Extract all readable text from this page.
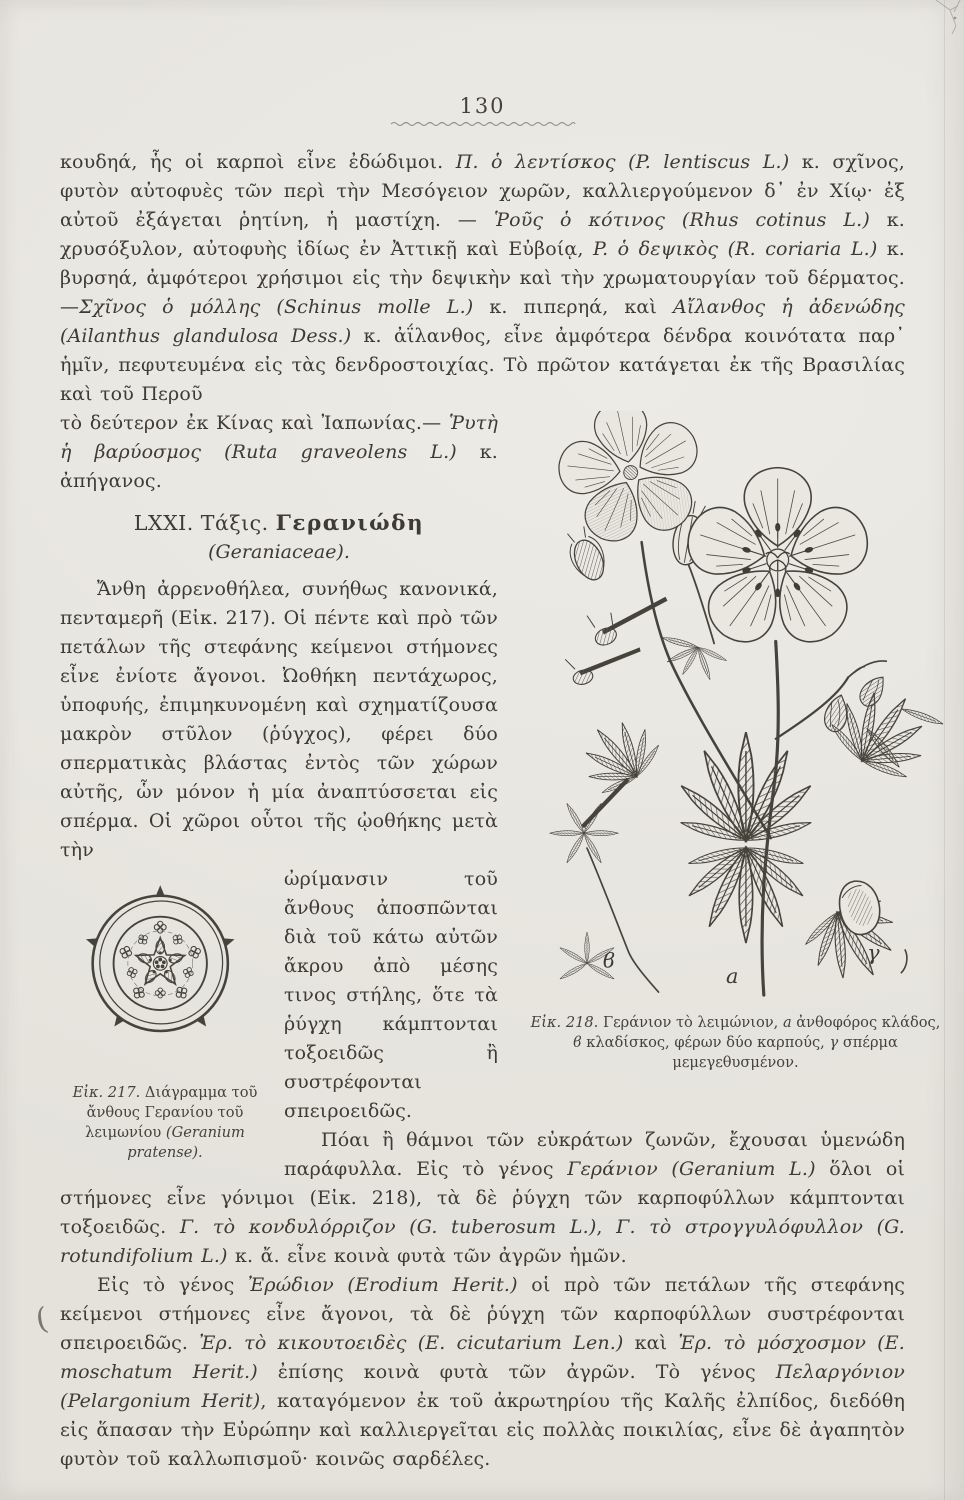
130

κουδηά, ἧς οἱ καρποὶ εἶνε ἐδώδιμοι. Π. ὁ λεντίσκος (P. lentiscus L.) κ. σχῖνος, φυτὸν αὐτοφυὲς τῶν περὶ τὴν Μεσόγειον χωρῶν, καλλιεργούμενον δ᾽ ἐν Χίῳ· ἐξ αὐτοῦ ἐξάγεται ῥητίνη, ἡ μαστίχη. — Ῥοῦς ὁ κότινος (Rhus cotinus L.) κ. χρυσόξυλον, αὐτοφυὴς ἰδίως ἐν Ἀττικῇ καὶ Εὐβοίᾳ, P. ὁ δεψικὸς (R. coriaria L.) κ. βυρσηά, ἀμφότεροι χρήσιμοι εἰς τὴν δεψικὴν καὶ τὴν χρωματουργίαν τοῦ δέρματος.—Σχῖνος ὁ μόλλης (Schinus molle L.) κ. πιπερηά, καὶ Αἴλανθος ἡ ἀδενώδης (Ailanthus glandulosa Dess.) κ. ἀΐλανθος, εἶνε ἀμφότερα δένδρα κοινότατα παρ᾽ ἡμῖν, πεφυτευμένα εἰς τὰς δενδροστοιχίας. Τὸ πρῶτον κατάγεται ἐκ τῆς Βρασιλίας καὶ τοῦ Περοῦ

a
ϐ	γ
Εἰκ. 218. Γεράνιον τὸ λειμώνιον, a ἀνθοφόρος κλάδος, ϐ κλαδίσκος, φέρων δύο καρπούς, γ σπέρμα μεμεγεθυσμένον.

τὸ δεύτερον ἐκ Κίνας καὶ Ἰαπωνίας.— Ῥυτὴ ἡ βαρύοσμος (Ruta graveolens L.) κ. ἀπήγανος.

LXXI. Τάξις. Γερανιώδη
(Geraniaceae).

Ἄνθη ἀρρενοθήλεα, συνήθως κανονικά, πενταμερῆ (Εἰκ. 217). Οἱ πέντε καὶ πρὸ τῶν πετάλων τῆς στεφάνης κείμενοι στήμονες εἶνε ἐνίοτε ἄγονοι. Ὠοθήκη πεντάχωρος, ὑποφυής, ἐπιμηκυνομένη καὶ σχηματίζουσα μακρὸν στῦλον (ῥύγχος), φέρει δύο σπερματικὰς βλάστας ἐντὸς τῶν χώρων αὐτῆς, ὧν μόνον ἡ μία ἀναπτύσσεται εἰς σπέρμα. Οἱ χῶροι οὗτοι τῆς ᾠοθήκης μετὰ τὴν

Εἰκ. 217. Διάγραμμα τοῦ ἄνθους Γερανίου τοῦ λειμωνίου (Geranium pratense).

ὠρίμανσιν τοῦ ἄνθους ἀποσπῶνται διὰ τοῦ κάτω αὐτῶν ἄκρου ἀπὸ μέσης τινος στήλης, ὅτε τὰ ῥύγχη κάμπτονται τοξοειδῶς ἢ συστρέφονται σπειροειδῶς.

Πόαι ἢ θάμνοι τῶν εὐκράτων ζωνῶν, ἔχουσαι ὑμενώδη παράφυλλα. Εἰς τὸ γένος Γεράνιον (Geranium L.) ὅλοι οἱ στήμονες εἶνε γόνιμοι (Εἰκ. 218), τὰ δὲ ῥύγχη τῶν καρποφύλλων κάμπτονται τοξοειδῶς. Γ. τὸ κονδυλόρριζον (G. tuberosum L.), Γ. τὸ στρογγυλόφυλλον (G. rotundifolium L.) κ. ἄ. εἶνε κοινὰ φυτὰ τῶν ἀγρῶν ἡμῶν.

Εἰς τὸ γένος Ἐρώδιον (Erodium Herit.) οἱ πρὸ τῶν πετάλων τῆς στεφάνης κείμενοι στήμονες εἶνε ἄγονοι, τὰ δὲ ῥύγχη τῶν καρποφύλλων συστρέφονται σπειροειδῶς. Ἐρ. τὸ κικουτοειδὲς (E. cicutarium Len.) καὶ Ἐρ. τὸ μόσχοσμον (E. moschatum Herit.) ἐπίσης κοινὰ φυτὰ τῶν ἀγρῶν. Τὸ γένος Πελαργόνιον (Pelargonium Herit), καταγόμενον ἐκ τοῦ ἀκρωτηρίου τῆς Καλῆς ἐλπίδος, διεδόθη εἰς ἅπασαν τὴν Εὐρώπην καὶ καλλιεργεῖται εἰς πολλὰς ποικιλίας, εἶνε δὲ ἀγαπητὸν φυτὸν τοῦ καλλωπισμοῦ· κοινῶς σαρδέλες.

(
